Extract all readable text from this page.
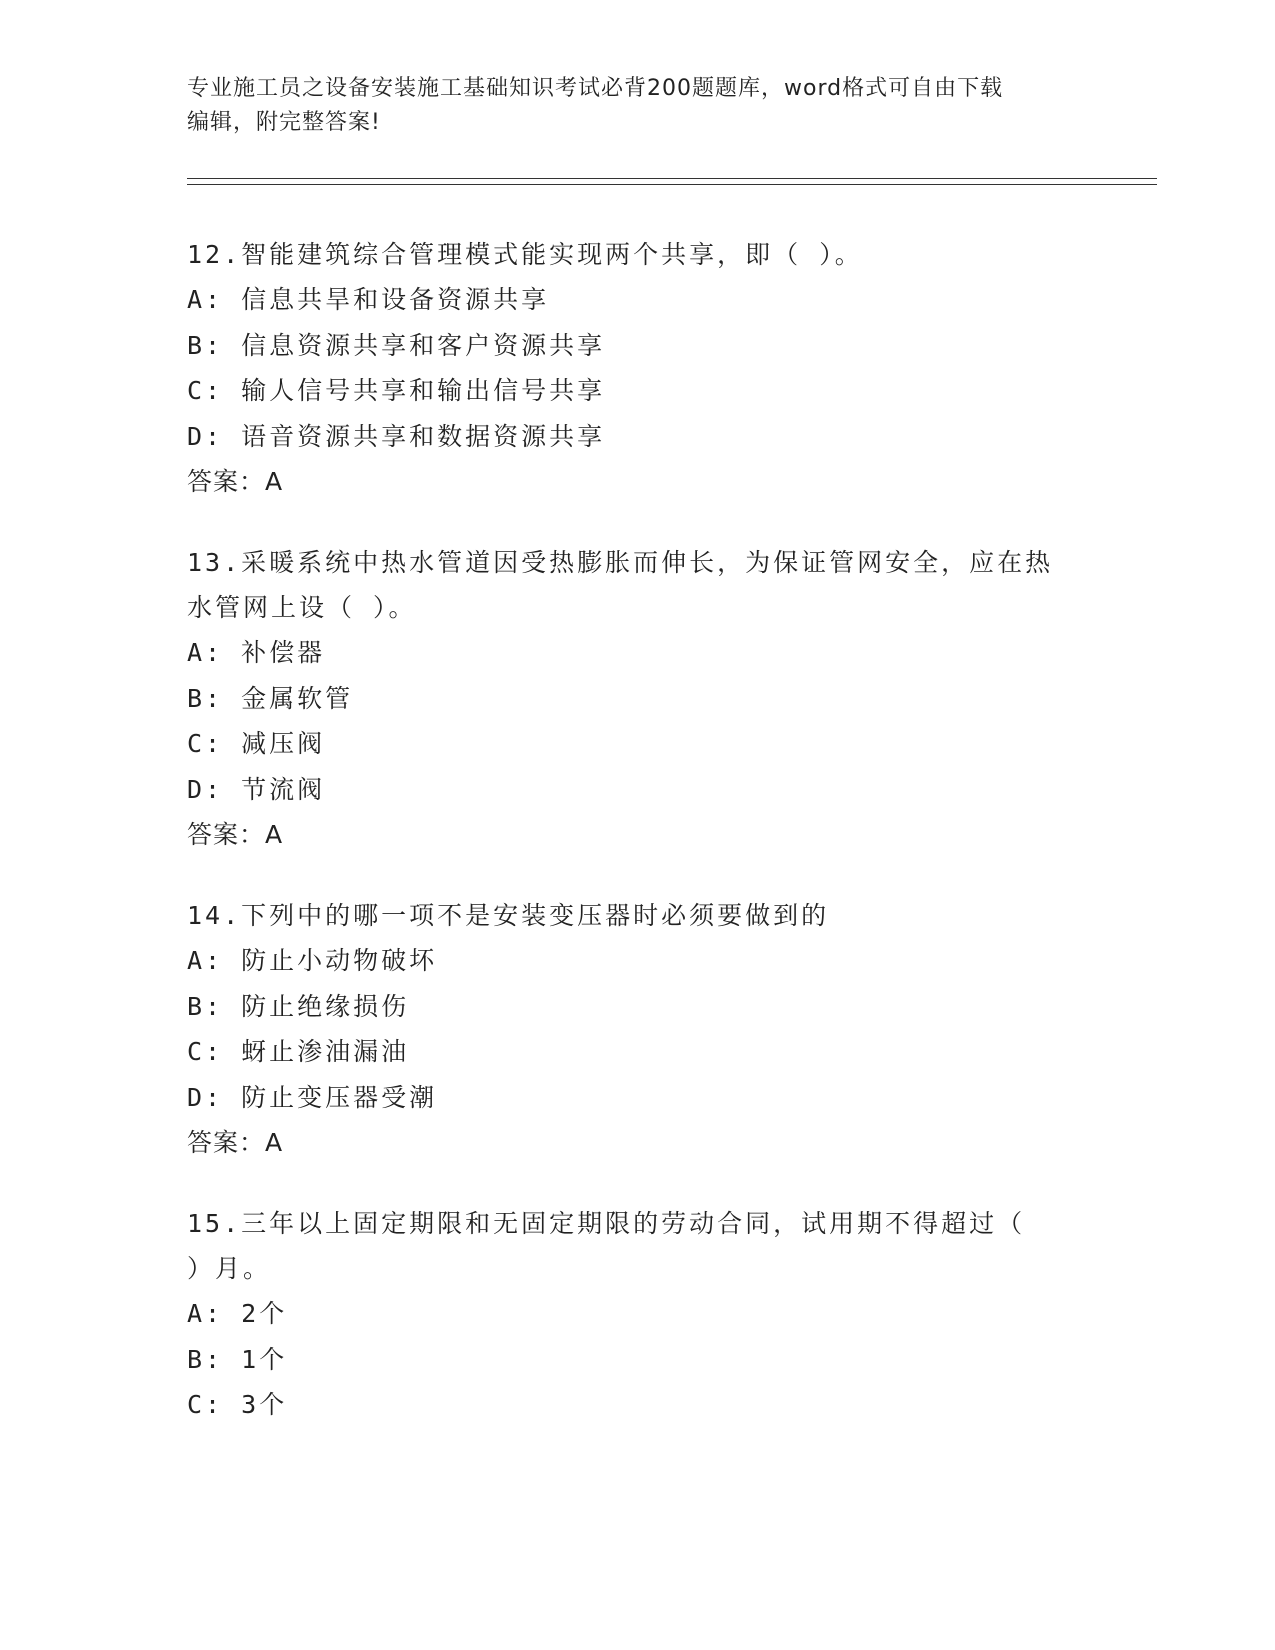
专业施工员之设备安装施工基础知识考试必背200题题库，word格式可自由下载
编辑，附完整答案!
12.智能建筑综合管理模式能实现两个共享，即（ ）。
A: 信息共旱和设备资源共享
B: 信息资源共享和客户资源共享
C: 输人信号共享和输出信号共享
D: 语音资源共享和数据资源共享
答案：A
13.采暖系统中热水管道因受热膨胀而伸长，为保证管网安全，应在热
水管网上设（ ）。
A: 补偿器
B: 金属软管
C: 减压阀
D: 节流阀
答案：A
14.下列中的哪一项不是安装变压器时必须要做到的
A: 防止小动物破坏
B: 防止绝缘损伤
C: 蚜止渗油漏油
D: 防止变压器受潮
答案：A
15.三年以上固定期限和无固定期限的劳动合同，试用期不得超过（
）月。
A: 2个
B: 1个
C: 3个
